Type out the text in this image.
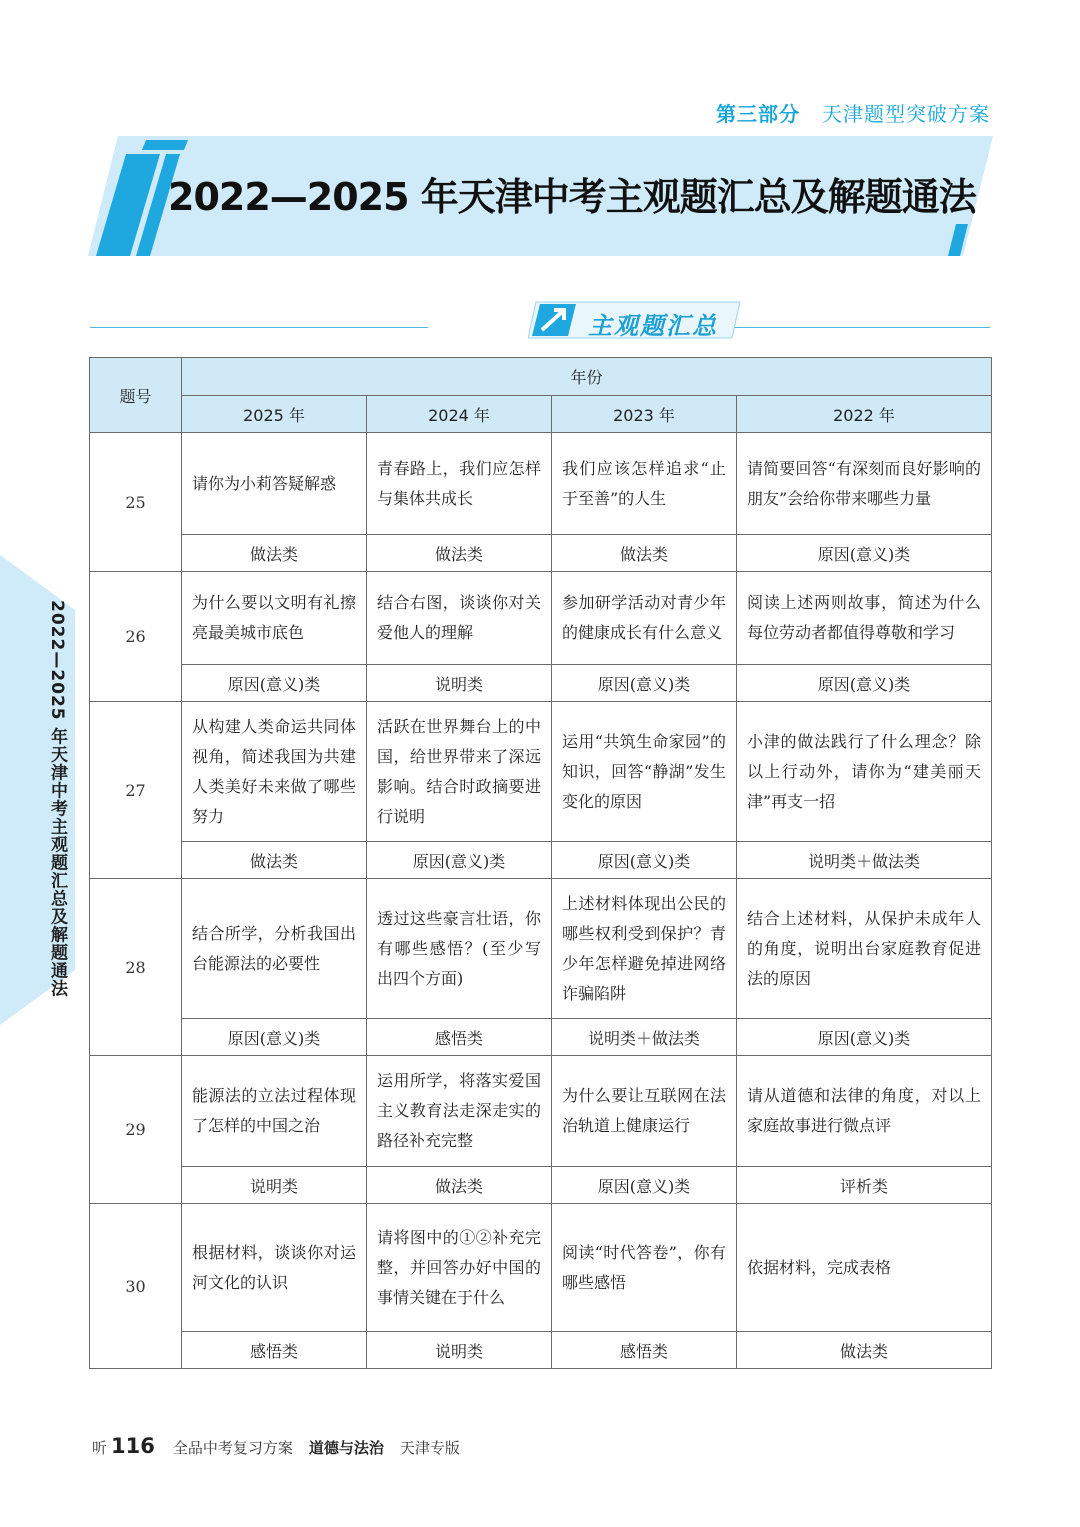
第三部分 天津题型突破方案
2022—2025 年天津中考主观题汇总及解题通法
主观题汇总
题号	年份			
	2025 年	2024 年	2023 年	2022 年
25	请你为小莉答疑解惑	青春路上，我们应怎样与集体共成长	我们应该怎样追求“止于至善”的人生	请简要回答“有深刻而良好影响的朋友”会给你带来哪些力量
	做法类	做法类	做法类	原因(意义)类
26	为什么要以文明有礼擦亮最美城市底色	结合右图，谈谈你对关爱他人的理解	参加研学活动对青少年的健康成长有什么意义	阅读上述两则故事，简述为什么每位劳动者都值得尊敬和学习
	原因(意义)类	说明类	原因(意义)类	原因(意义)类
27	从构建人类命运共同体视角，简述我国为共建人类美好未来做了哪些努力	活跃在世界舞台上的中国，给世界带来了深远影响。结合时政摘要进行说明	运用“共筑生命家园”的知识，回答“静湖”发生变化的原因	小津的做法践行了什么理念？除以上行动外，请你为“建美丽天津”再支一招
	做法类	原因(意义)类	原因(意义)类	说明类＋做法类
28	结合所学，分析我国出台能源法的必要性	透过这些豪言壮语，你有哪些感悟？(至少写出四个方面)	上述材料体现出公民的哪些权利受到保护？青少年怎样避免掉进网络诈骗陷阱	结合上述材料，从保护未成年人的角度，说明出台家庭教育促进法的原因
	原因(意义)类	感悟类	说明类＋做法类	原因(意义)类
29	能源法的立法过程体现了怎样的中国之治	运用所学，将落实爱国主义教育法走深走实的路径补充完整	为什么要让互联网在法治轨道上健康运行	请从道德和法律的角度，对以上家庭故事进行微点评
	说明类	做法类	原因(意义)类	评析类
30	根据材料，谈谈你对运河文化的认识	请将图中的①②补充完整，并回答办好中国的事情关键在于什么	阅读“时代答卷”，你有哪些感悟	依据材料，完成表格
	感悟类	说明类	感悟类	做法类
2022—2025 年天津中考主观题汇总及解题通法
听 116 全品中考复习方案 道德与法治 天津专版
